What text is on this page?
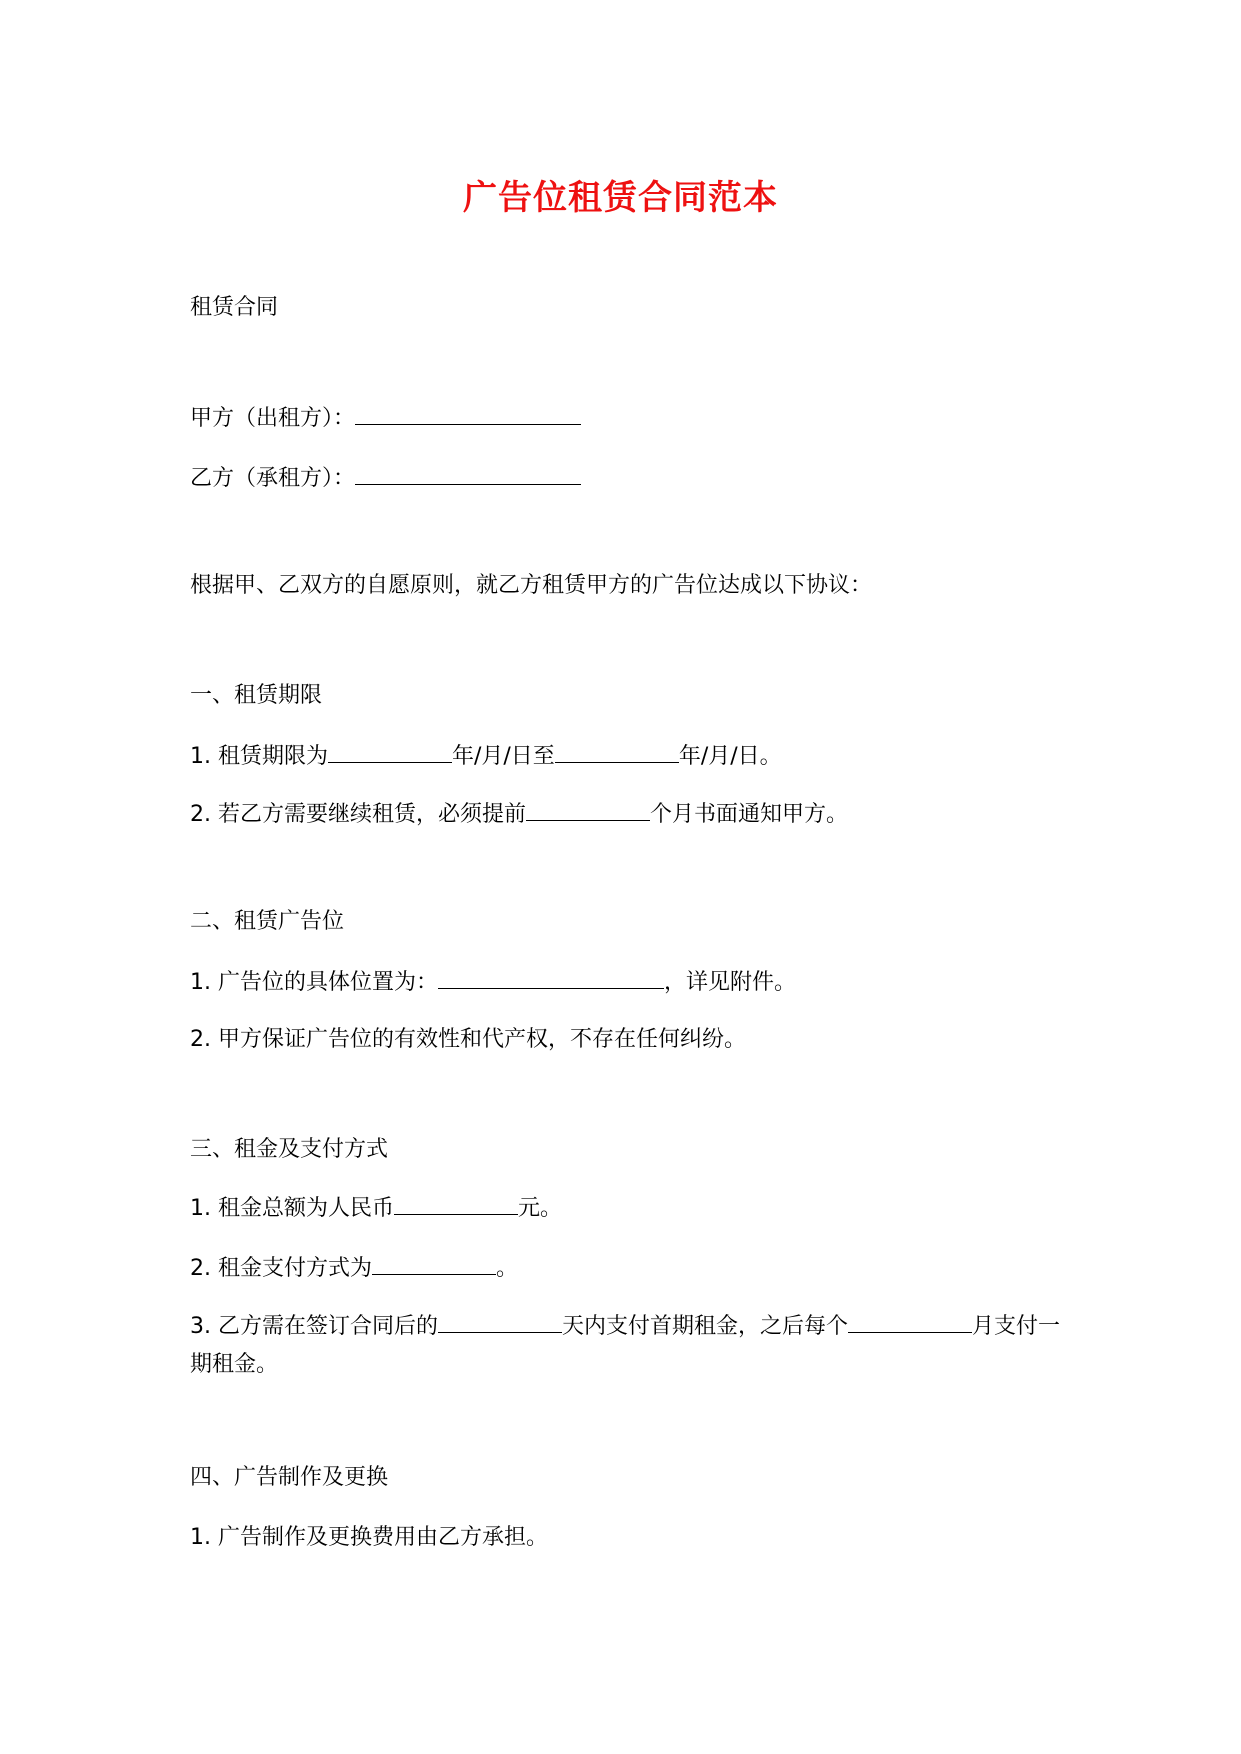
广告位租赁合同范本
租赁合同
甲方（出租方）：
乙方（承租方）：
根据甲、乙双方的自愿原则，就乙方租赁甲方的广告位达成以下协议：
一、租赁期限
1. 租赁期限为	年/月/日至	年/月/日。
2. 若乙方需要继续租赁，必须提前	个月书面通知甲方。
二、租赁广告位
1. 广告位的具体位置为：	，详见附件。
2. 甲方保证广告位的有效性和代产权，不存在任何纠纷。
三、租金及支付方式
1. 租金总额为人民币	元。
2. 租金支付方式为	。
3. 乙方需在签订合同后的	天内支付首期租金，之后每个	月支付一期租金。
四、广告制作及更换
1. 广告制作及更换费用由乙方承担。
